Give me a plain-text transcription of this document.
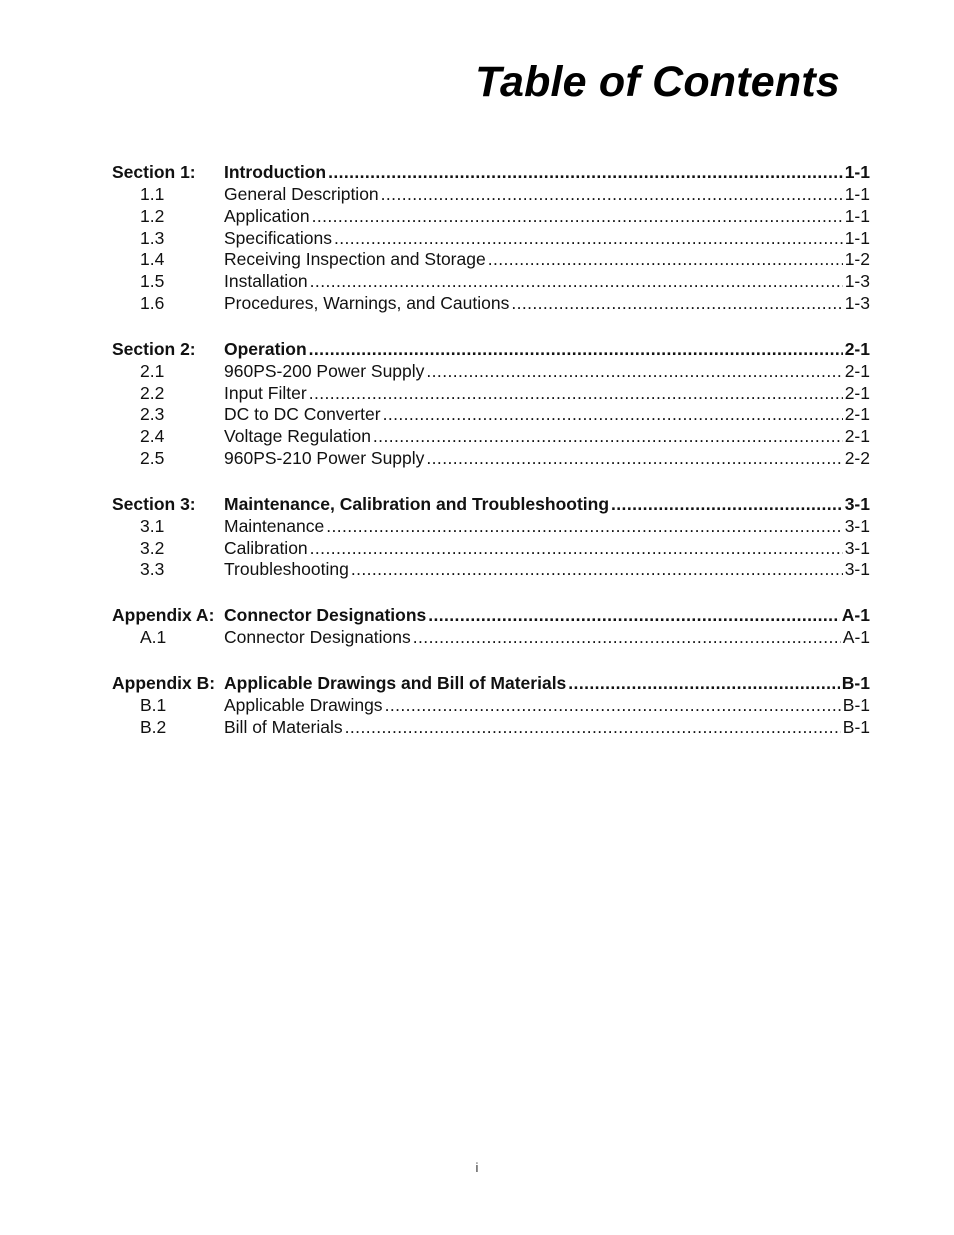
Table of Contents
Section 1:	Introduction .....	1-1
1.1	General Description .....	1-1
1.2	Application .....	1-1
1.3	Specifications .....	1-1
1.4	Receiving Inspection and Storage .....	1-2
1.5	Installation .....	1-3
1.6	Procedures, Warnings, and Cautions .....	1-3
Section 2:	Operation .....	2-1
2.1	960PS-200 Power Supply .....	2-1
2.2	Input Filter .....	2-1
2.3	DC to DC Converter .....	2-1
2.4	Voltage Regulation .....	2-1
2.5	960PS-210 Power Supply .....	2-2
Section 3:	Maintenance, Calibration and Troubleshooting .....	3-1
3.1	Maintenance .....	3-1
3.2	Calibration .....	3-1
3.3	Troubleshooting .....	3-1
Appendix A: Connector Designations .....	A-1
A.1	Connector Designations .....	A-1
Appendix B: Applicable Drawings and Bill of Materials .....	B-1
B.1	Applicable Drawings .....	B-1
B.2	Bill of Materials .....	B-1
i
